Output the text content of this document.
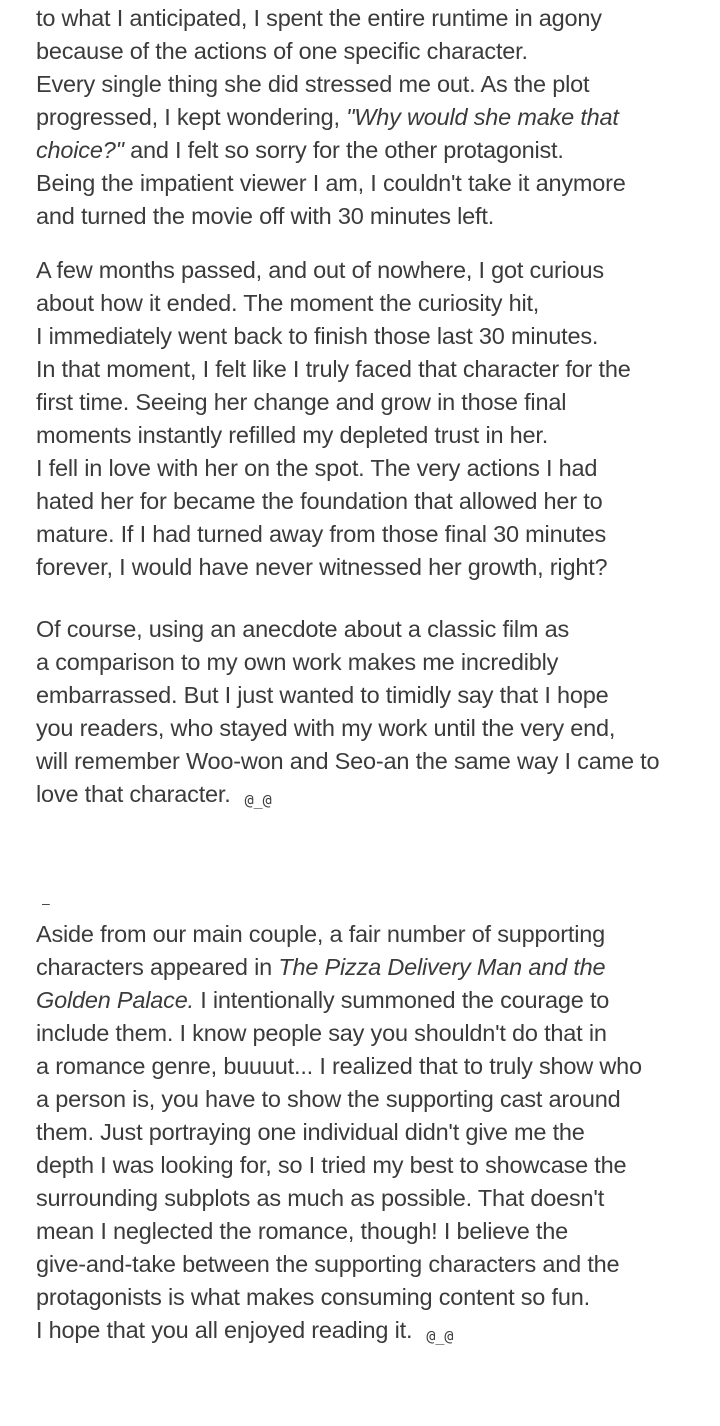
to what I anticipated, I spent the entire runtime in agony
because of the actions of one specific character.
Every single thing she did stressed me out. As the plot
progressed, I kept wondering, "Why would she make that
choice?" and I felt so sorry for the other protagonist.
Being the impatient viewer I am, I couldn't take it anymore
and turned the movie off with 30 minutes left.
A few months passed, and out of nowhere, I got curious
about how it ended. The moment the curiosity hit,
I immediately went back to finish those last 30 minutes.
In that moment, I felt like I truly faced that character for the
first time. Seeing her change and grow in those final
moments instantly refilled my depleted trust in her.
I fell in love with her on the spot. The very actions I had
hated her for became the foundation that allowed her to
mature. If I had turned away from those final 30 minutes
forever, I would have never witnessed her growth, right?
Of course, using an anecdote about a classic film as
a comparison to my own work makes me incredibly
embarrassed. But I just wanted to timidly say that I hope
you readers, who stayed with my work until the very end,
will remember Woo-won and Seo-an the same way I came to
love that character. @_@
–
Aside from our main couple, a fair number of supporting
characters appeared in The Pizza Delivery Man and the
Golden Palace. I intentionally summoned the courage to
include them. I know people say you shouldn't do that in
a romance genre, buuuut... I realized that to truly show who
a person is, you have to show the supporting cast around
them. Just portraying one individual didn't give me the
depth I was looking for, so I tried my best to showcase the
surrounding subplots as much as possible. That doesn't
mean I neglected the romance, though! I believe the
give-and-take between the supporting characters and the
protagonists is what makes consuming content so fun.
I hope that you all enjoyed reading it. @_@
